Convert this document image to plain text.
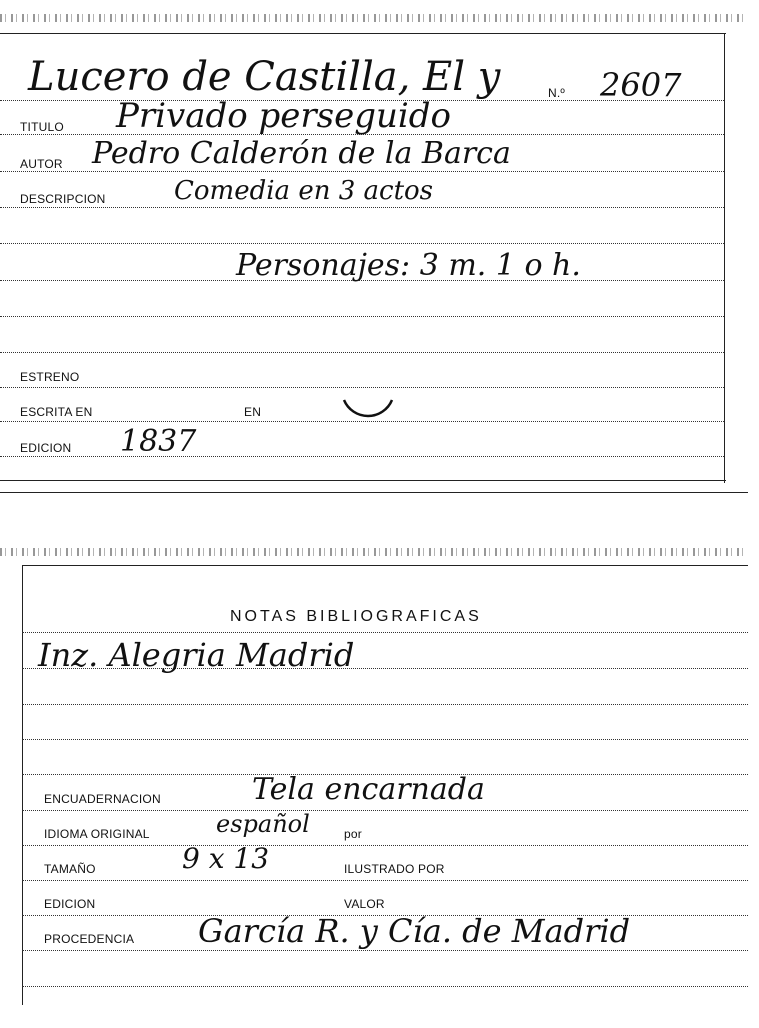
Lucero de Castilla, El y	N.º 2607
TITULO Privado perseguido
AUTOR Pedro Calderón de la Barca
DESCRIPCION	Comedia en 3 actos
Personajes: 3 m. 1 o h.
ESTRENO
ESCRITA EN	EN
EDICION 1837
NOTAS BIBLIOGRAFICAS
Inz. Alegria Madrid
ENCUADERNACION	Tela encarnada
IDIOMA ORIGINAL	español	por
TAMAÑO	9 x 13	ILUSTRADO POR
EDICION	VALOR
PROCEDENCIA García R. y Cía. de Madrid
